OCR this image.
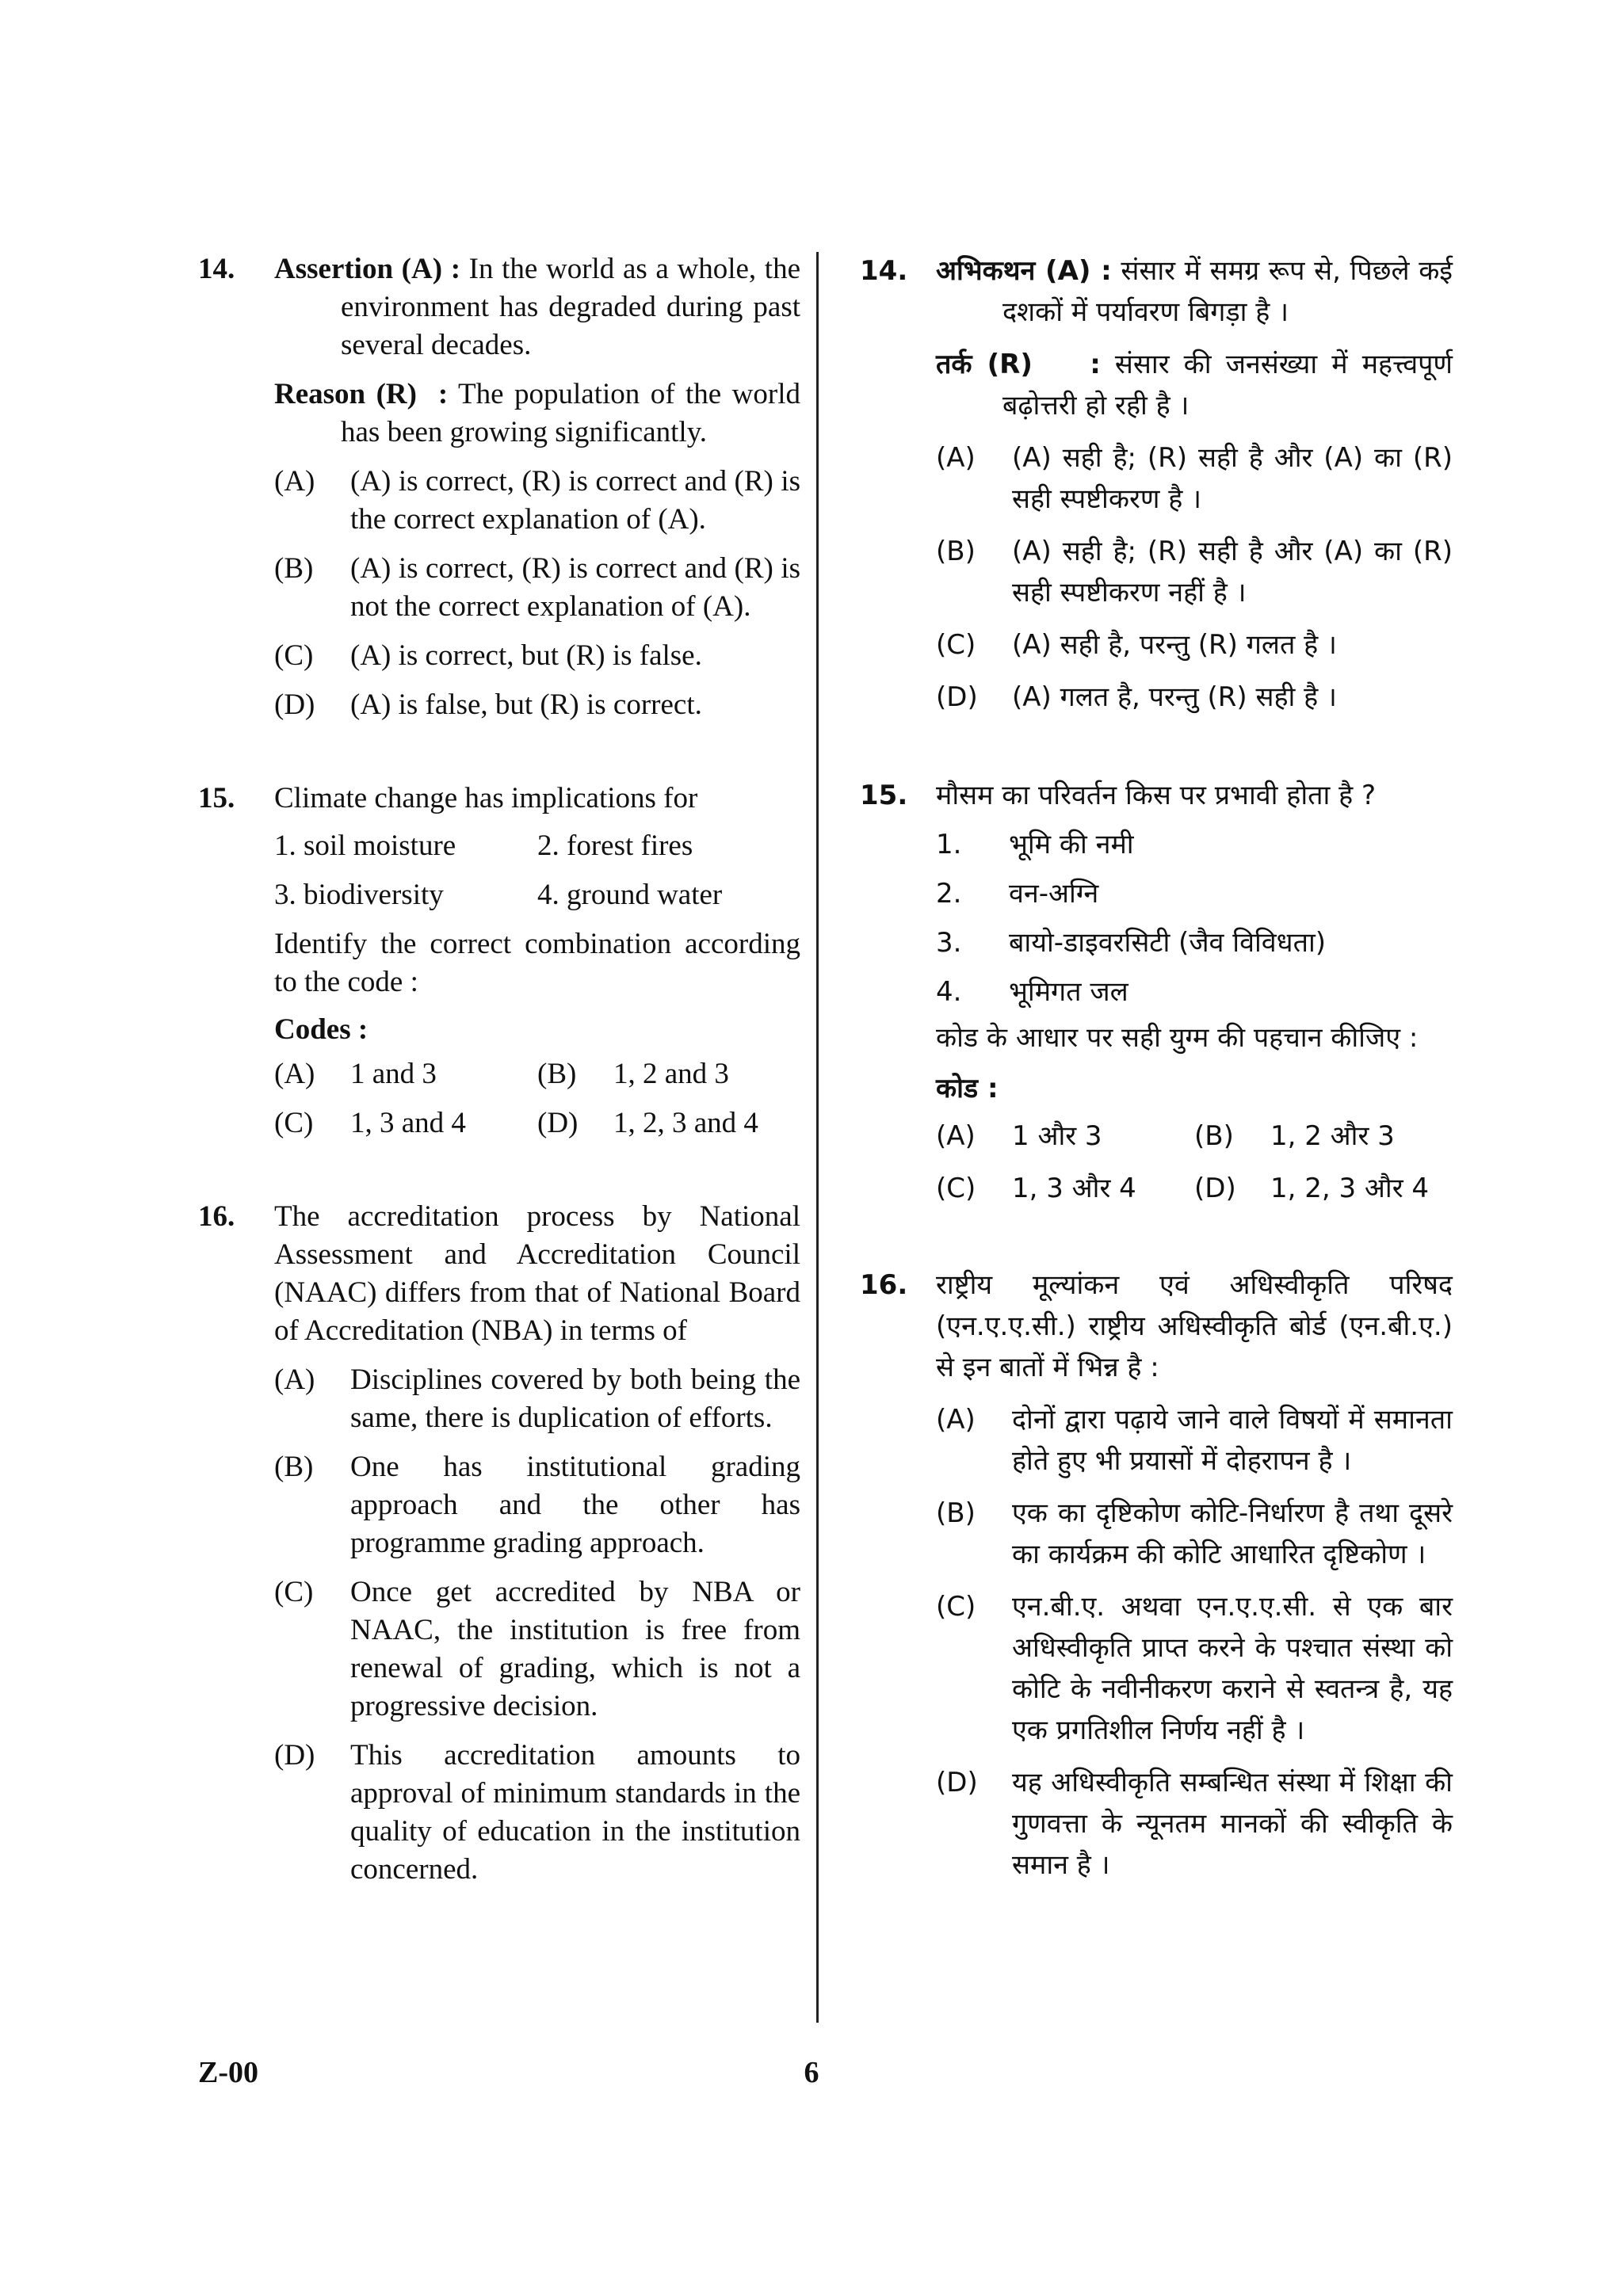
14. Assertion (A) : In the world as a whole, the environment has degraded during past several decades.
Reason (R) : The population of the world has been growing significantly.
(A) (A) is correct, (R) is correct and (R) is the correct explanation of (A).
(B) (A) is correct, (R) is correct and (R) is not the correct explanation of (A).
(C) (A) is correct, but (R) is false.
(D) (A) is false, but (R) is correct.
15. Climate change has implications for
1. soil moisture	2. forest fires
3. biodiversity	4. ground water
Identify the correct combination according to the code :
Codes :
(A)	1 and 3	(B)	1, 2 and 3
(C)	1, 3 and 4 (D)	1, 2, 3 and 4
16. The accreditation process by National Assessment and Accreditation Council (NAAC) differs from that of National Board of Accreditation (NBA) in terms of
(A) Disciplines covered by both being the same, there is duplication of efforts.
(B) One has institutional grading approach and the other has programme grading approach.
(C) Once get accredited by NBA or NAAC, the institution is free from renewal of grading, which is not a progressive decision.
(D) This accreditation amounts to approval of minimum standards in the quality of education in the institution concerned.
14. अभिकथन (A) : संसार में समग्र रूप से, पिछले कई दशकों में पर्यावरण बिगड़ा है ।
तर्क (R) : संसार की जनसंख्या में महत्त्वपूर्ण बढ़ोत्तरी हो रही है ।
(A) (A) सही है; (R) सही है और (A) का (R) सही स्पष्टीकरण है ।
(B) (A) सही है; (R) सही है और (A) का (R) सही स्पष्टीकरण नहीं है ।
(C) (A) सही है, परन्तु (R) गलत है ।
(D) (A) गलत है, परन्तु (R) सही है ।
15. मौसम का परिवर्तन किस पर प्रभावी होता है ?
1.	भूमि की नमी
2.	वन-अग्नि
3.	बायो-डाइवरसिटी (जैव विविधता)
4.	भूमिगत जल
कोड के आधार पर सही युग्म की पहचान कीजिए :
कोड :
(A)	1 और 3	(B)	1, 2 और 3
(C)	1, 3 और 4 (D)	1, 2, 3 और 4
16. राष्ट्रीय मूल्यांकन एवं अधिस्वीकृति परिषद (एन.ए.ए.सी.) राष्ट्रीय अधिस्वीकृति बोर्ड (एन.बी.ए.) से इन बातों में भिन्न है :
(A) दोनों द्वारा पढ़ाये जाने वाले विषयों में समानता होते हुए भी प्रयासों में दोहरापन है ।
(B) एक का दृष्टिकोण कोटि-निर्धारण है तथा दूसरे का कार्यक्रम की कोटि आधारित दृष्टिकोण ।
(C) एन.बी.ए. अथवा एन.ए.ए.सी. से एक बार अधिस्वीकृति प्राप्त करने के पश्चात संस्था को कोटि के नवीनीकरण कराने से स्वतन्त्र है, यह एक प्रगतिशील निर्णय नहीं है ।
(D) यह अधिस्वीकृति सम्बन्धित संस्था में शिक्षा की गुणवत्ता के न्यूनतम मानकों की स्वीकृति के समान है ।
Z-00	6
